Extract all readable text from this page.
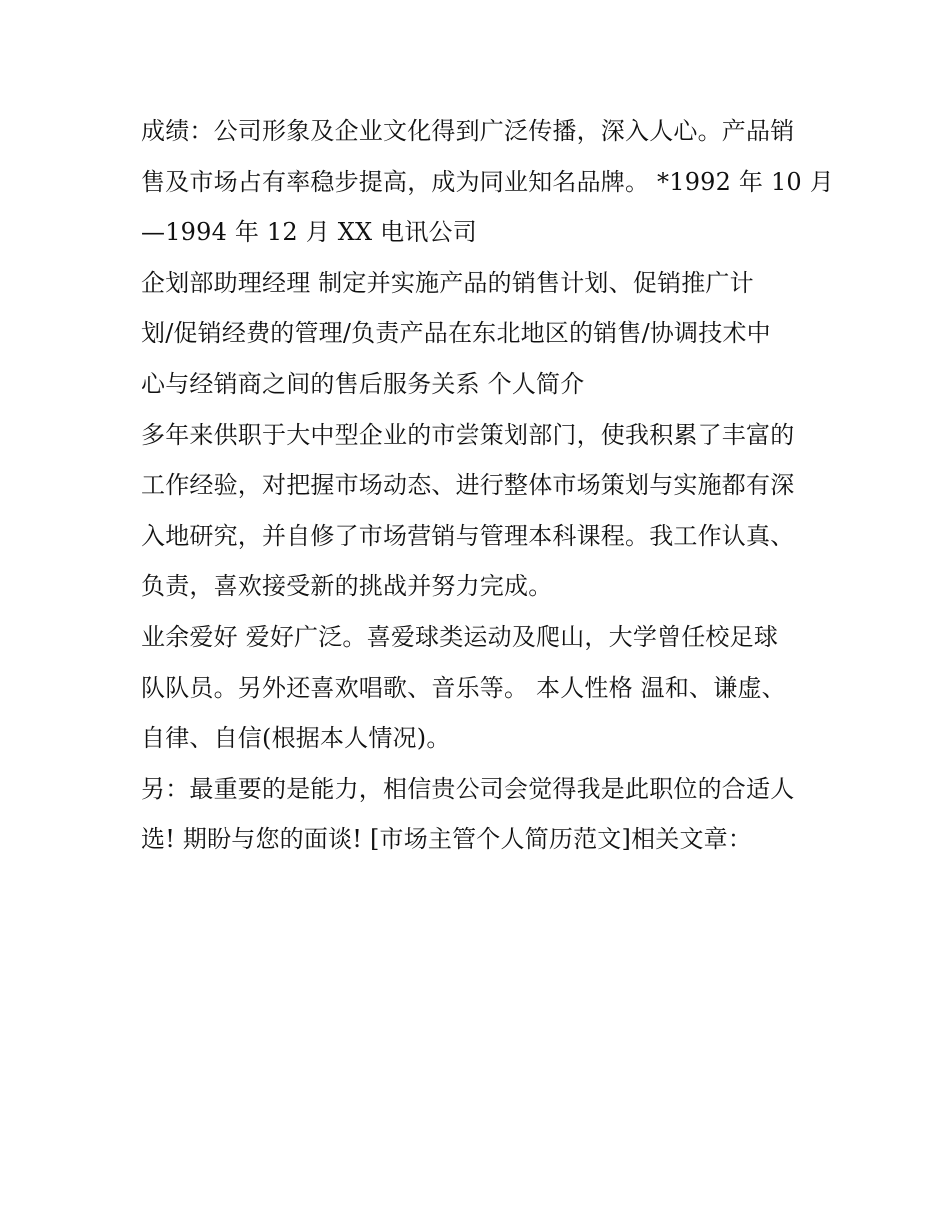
成绩：公司形象及企业文化得到广泛传播，深入人心。产品销
售及市场占有率稳步提高，成为同业知名品牌。 *1992 年 10 月
—1994 年 12 月 XX 电讯公司
企划部助理经理 制定并实施产品的销售计划、促销推广计
划/促销经费的管理/负责产品在东北地区的销售/协调技术中
心与经销商之间的售后服务关系 个人简介
多年来供职于大中型企业的市尝策划部门，使我积累了丰富的
工作经验，对把握市场动态、进行整体市场策划与实施都有深
入地研究，并自修了市场营销与管理本科课程。我工作认真、
负责，喜欢接受新的挑战并努力完成。
业余爱好 爱好广泛。喜爱球类运动及爬山，大学曾任校足球
队队员。另外还喜欢唱歌、音乐等。 本人性格 温和、谦虚、
自律、自信(根据本人情况)。
另：最重要的是能力，相信贵公司会觉得我是此职位的合适人
选! 期盼与您的面谈! [市场主管个人简历范文]相关文章：
